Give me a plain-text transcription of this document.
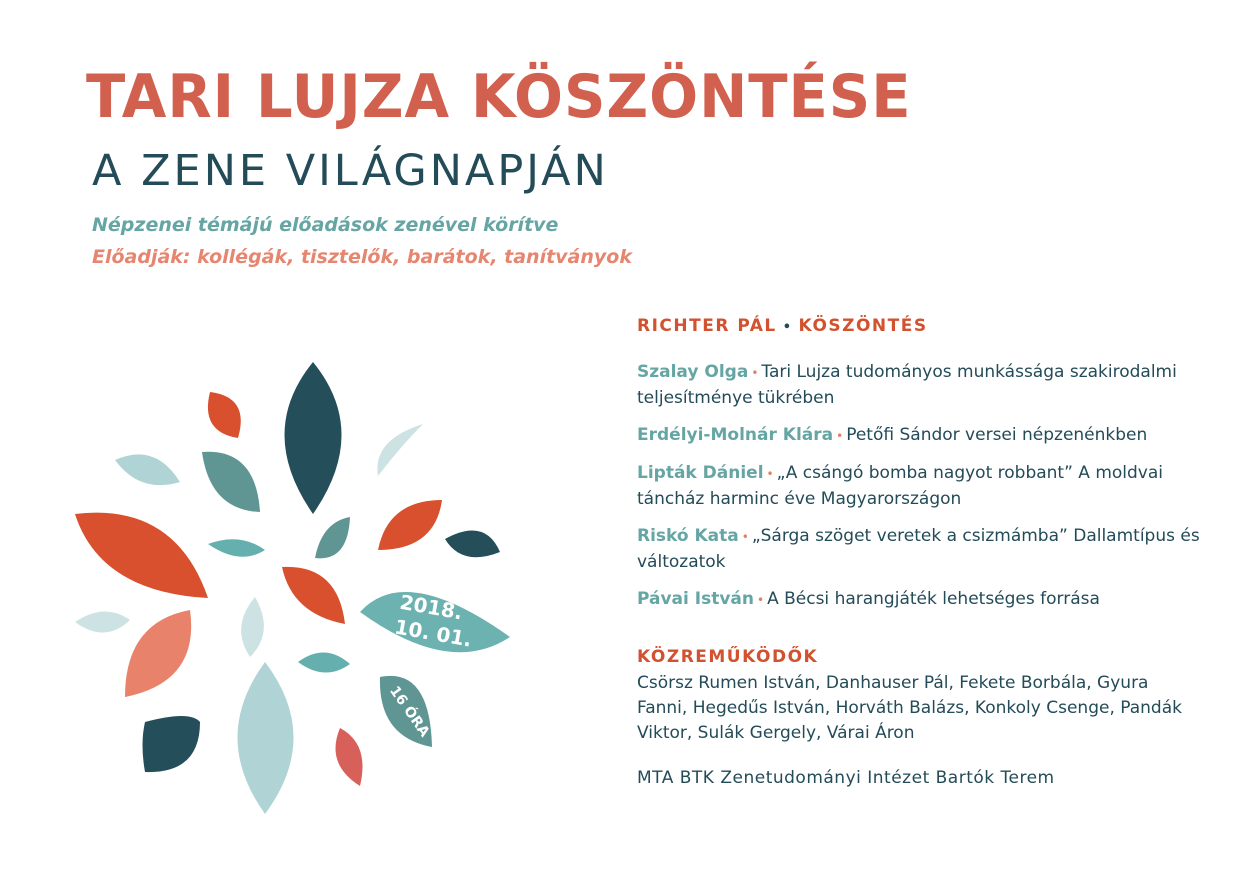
TARI LUJZA KÖSZÖNTÉSE
A ZENE VILÁGNAPJÁN
Népzenei témájú előadások zenével körítve
Előadják: kollégák, tisztelők, barátok, tanítványok
2018.
10. 01.
16 ÓRA
RICHTER PÁL • KÖSZÖNTÉS
Szalay Olga • Tari Lujza tudományos munkássága szakirodalmi teljesítménye tükrében
Erdélyi-Molnár Klára • Petőfi Sándor versei népzenénkben
Lipták Dániel • „A csángó bomba nagyot robbant” A moldvai táncház harminc éve Magyarországon
Riskó Kata • „Sárga szöget veretek a csizmámba” Dallamtípus és változatok
Pávai István • A Bécsi harangjáték lehetséges forrása
KÖZREMŰKÖDŐK
Csörsz Rumen István, Danhauser Pál, Fekete Borbála, Gyura Fanni, Hegedűs István, Horváth Balázs, Konkoly Csenge, Pandák Viktor, Sulák Gergely, Várai Áron
MTA BTK Zenetudományi Intézet Bartók Terem
